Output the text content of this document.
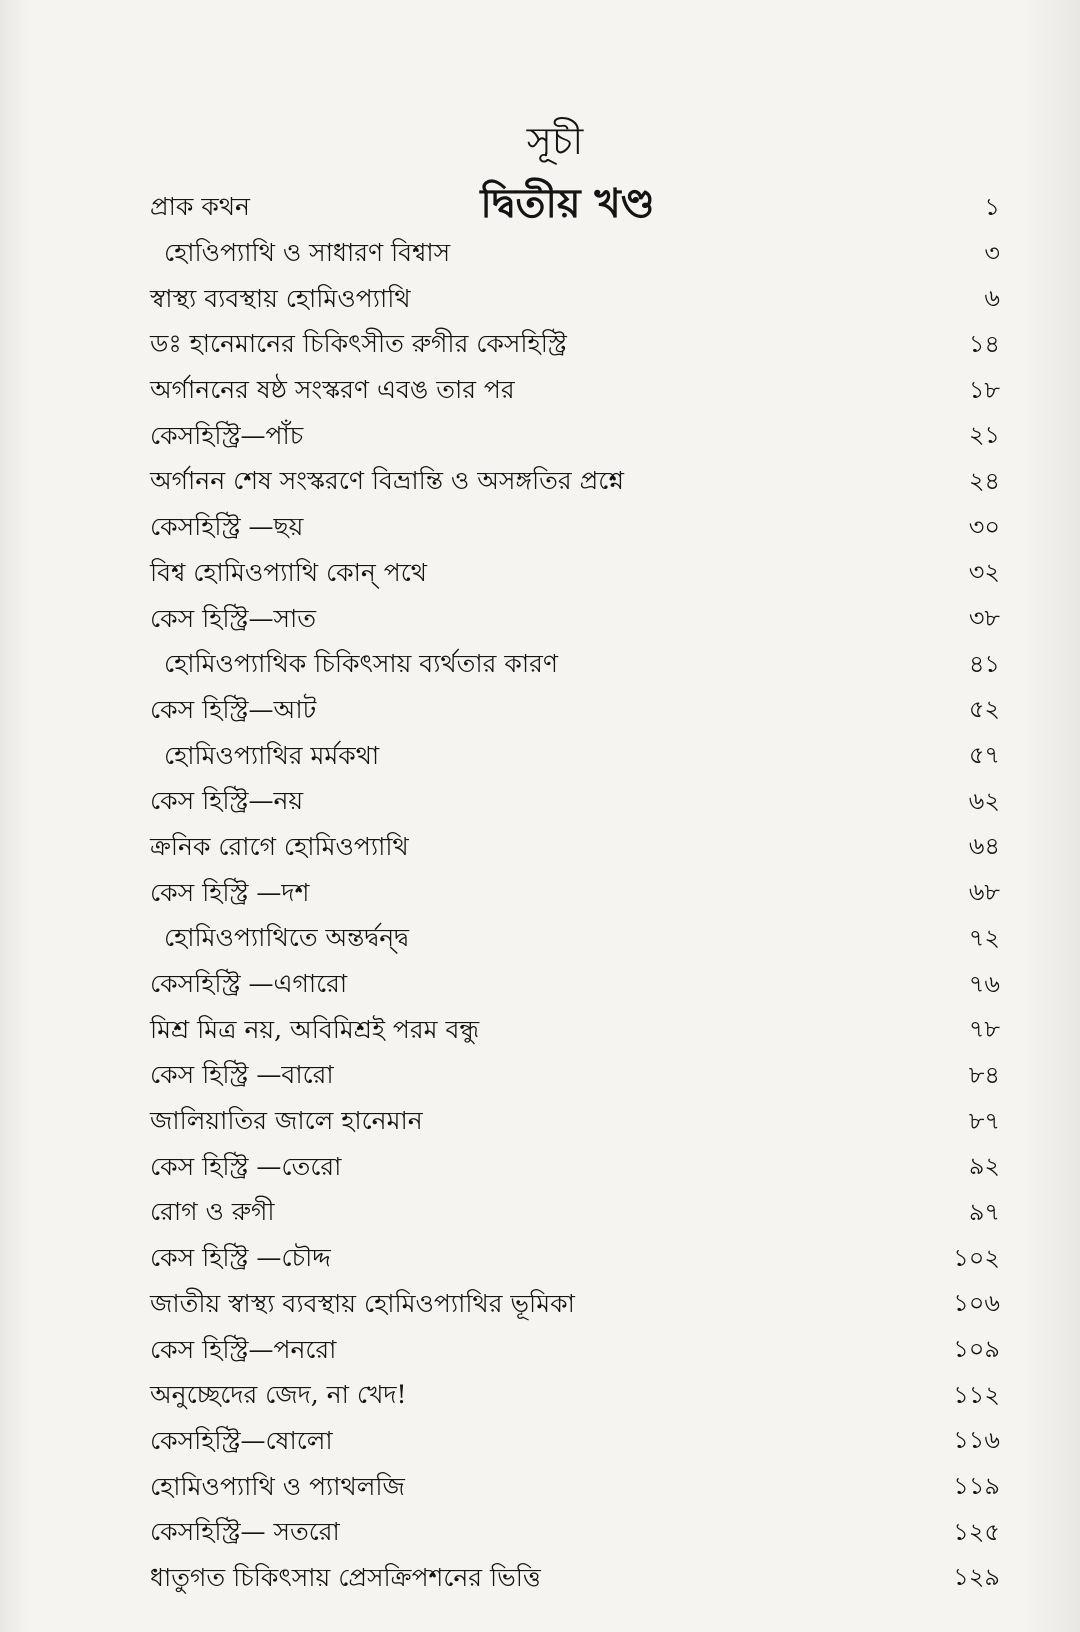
সূচী
দ্বিতীয় খণ্ড
প্রাক কথন	১
হোওিপ্যাথি ও সাধারণ বিশ্বাস	৩
স্বাস্থ্য ব্যবস্থায় হোমিওপ্যাথি	৬
ডঃ হানেমানের চিকিৎসীত রুগীর কেসহিস্ট্রি	১৪
অর্গাননের ষষ্ঠ সংস্করণ এবঙ তার পর	১৮
কেসহিস্ট্রি—পাঁচ	২১
অর্গানন শেষ সংস্করণে বিভ্রান্তি ও অসঙ্গতির প্রশ্নে	২৪
কেসহিস্ট্রি —ছয়	৩০
বিশ্ব হোমিওপ্যাথি কোন্ পথে	৩২
কেস হিস্ট্রি—সাত	৩৮
হোমিওপ্যাথিক চিকিৎসায় ব্যর্থতার কারণ	৪১
কেস হিস্ট্রি—আট	৫২
হোমিওপ্যাথির মর্মকথা	৫৭
কেস হিস্ট্রি—নয়	৬২
ক্রনিক রোগে হোমিওপ্যাথি	৬৪
কেস হিস্ট্রি —দশ	৬৮
হোমিওপ্যাথিতে অন্তর্দ্বন্দ্ব	৭২
কেসহিস্ট্রি —এগারো	৭৬
মিশ্র মিত্র নয়, অবিমিশ্রই পরম বন্ধু	৭৮
কেস হিস্ট্রি —বারো	৮৪
জালিয়াতির জালে হানেমান	৮৭
কেস হিস্ট্রি —তেরো	৯২
রোগ ও রুগী	৯৭
কেস হিস্ট্রি —চৌদ্দ	১০২
জাতীয় স্বাস্থ্য ব্যবস্থায় হোমিওপ্যাথির ভূমিকা	১০৬
কেস হিস্ট্রি—পনরো	১০৯
অনুচ্ছেদের জেদ, না খেদ!	১১২
কেসহিস্ট্রি—ষোলো	১১৬
হোমিওপ্যাথি ও প্যাথলজি	১১৯
কেসহিস্ট্রি— সতরো	১২৫
ধাতুগত চিকিৎসায় প্রেসক্রিপশনের ভিত্তি	১২৯
